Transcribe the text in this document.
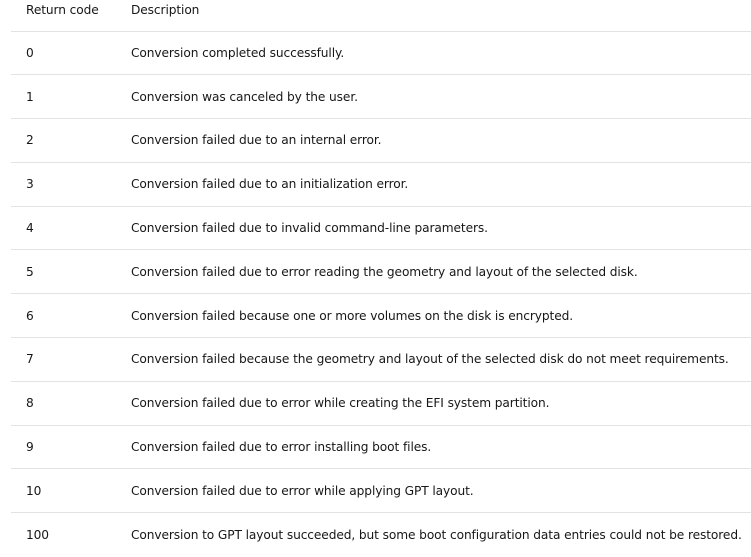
Return code	Description
0	Conversion completed successfully.
1	Conversion was canceled by the user.
2	Conversion failed due to an internal error.
3	Conversion failed due to an initialization error.
4	Conversion failed due to invalid command-line parameters.
5	Conversion failed due to error reading the geometry and layout of the selected disk.
6	Conversion failed because one or more volumes on the disk is encrypted.
7	Conversion failed because the geometry and layout of the selected disk do not meet requirements.
8	Conversion failed due to error while creating the EFI system partition.
9	Conversion failed due to error installing boot files.
10	Conversion failed due to error while applying GPT layout.
100	Conversion to GPT layout succeeded, but some boot configuration data entries could not be restored.
